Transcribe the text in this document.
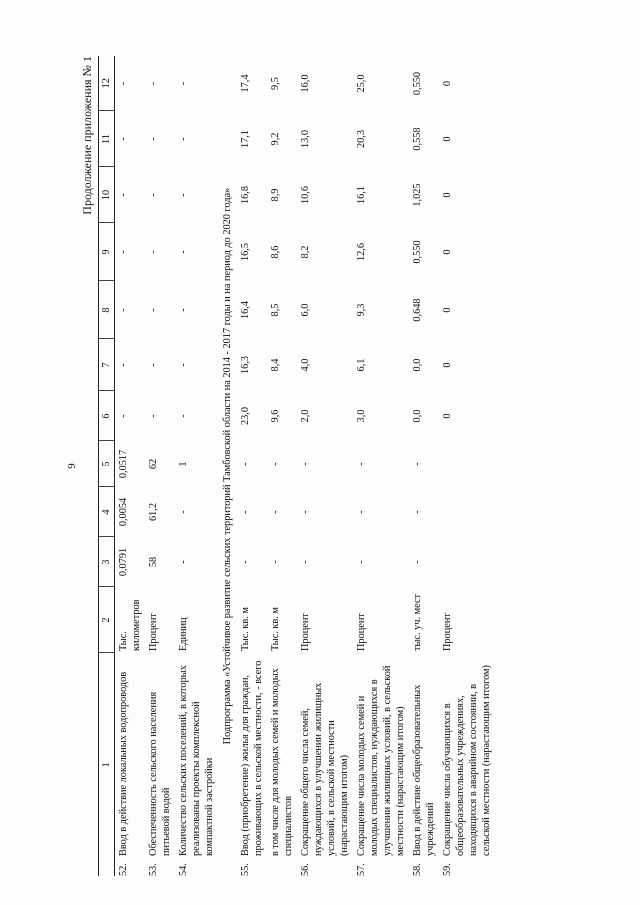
9
Продолжение приложения № 1
1		2	3	4	5	6	7	8	9	10	11	12
52.	Ввод в действие локальных водопроводов	Тыс. километров	0,0791	0,0054	0,0517	-	-	-	-	-	-	-
53.	Обеспеченность сельского населения питьевой водой	Процент	58	61,2	62	-	-	-	-	-	-	-
54.	Количество сельских поселений, в которых реализованы проекты комплексной компактной застройки	Единиц	-	-	1	-	-	-	-	-	-	-
Подпрограмма «Устойчивое развитие сельских территорий Тамбовской области на 2014 - 2017 годы и на период до 2020 года»												
55.	Ввод (приобретение) жилья для граждан, проживающих в сельской местности, - всего	Тыс. кв. м	-	-	-	23,0	16,3	16,4	16,5	16,8	17,1	17,4
	в том числе для молодых семей и молодых специалистов	Тыс. кв. м	-	-	-	9,6	8,4	8,5	8,6	8,9	9,2	9,5
56.	Сокращение общего числа семей, нуждающихся в улучшении жилищных условий, в сельской местности (нарастающим итогом)	Процент	-	-	-	2,0	4,0	6,0	8,2	10,6	13,0	16,0
57.	Сокращение числа молодых семей и молодых специалистов, нуждающихся в улучшении жилищных условий, в сельской местности (нарастающим итогом)	Процент	-	-	-	3,0	6,1	9,3	12,6	16,1	20,3	25,0
58.	Ввод в действие общеобразовательных учреждений	тыс. уч. мест	-	-	-	0,0	0,0	0,648	0,550	1,025	0,558	0,550
59.	Сокращение числа обучающихся в общеобразовательных учреждениях, находящихся в аварийном состоянии, в сельской местности (нарастающим итогом)	Процент				0	0	0	0	0	0	0
